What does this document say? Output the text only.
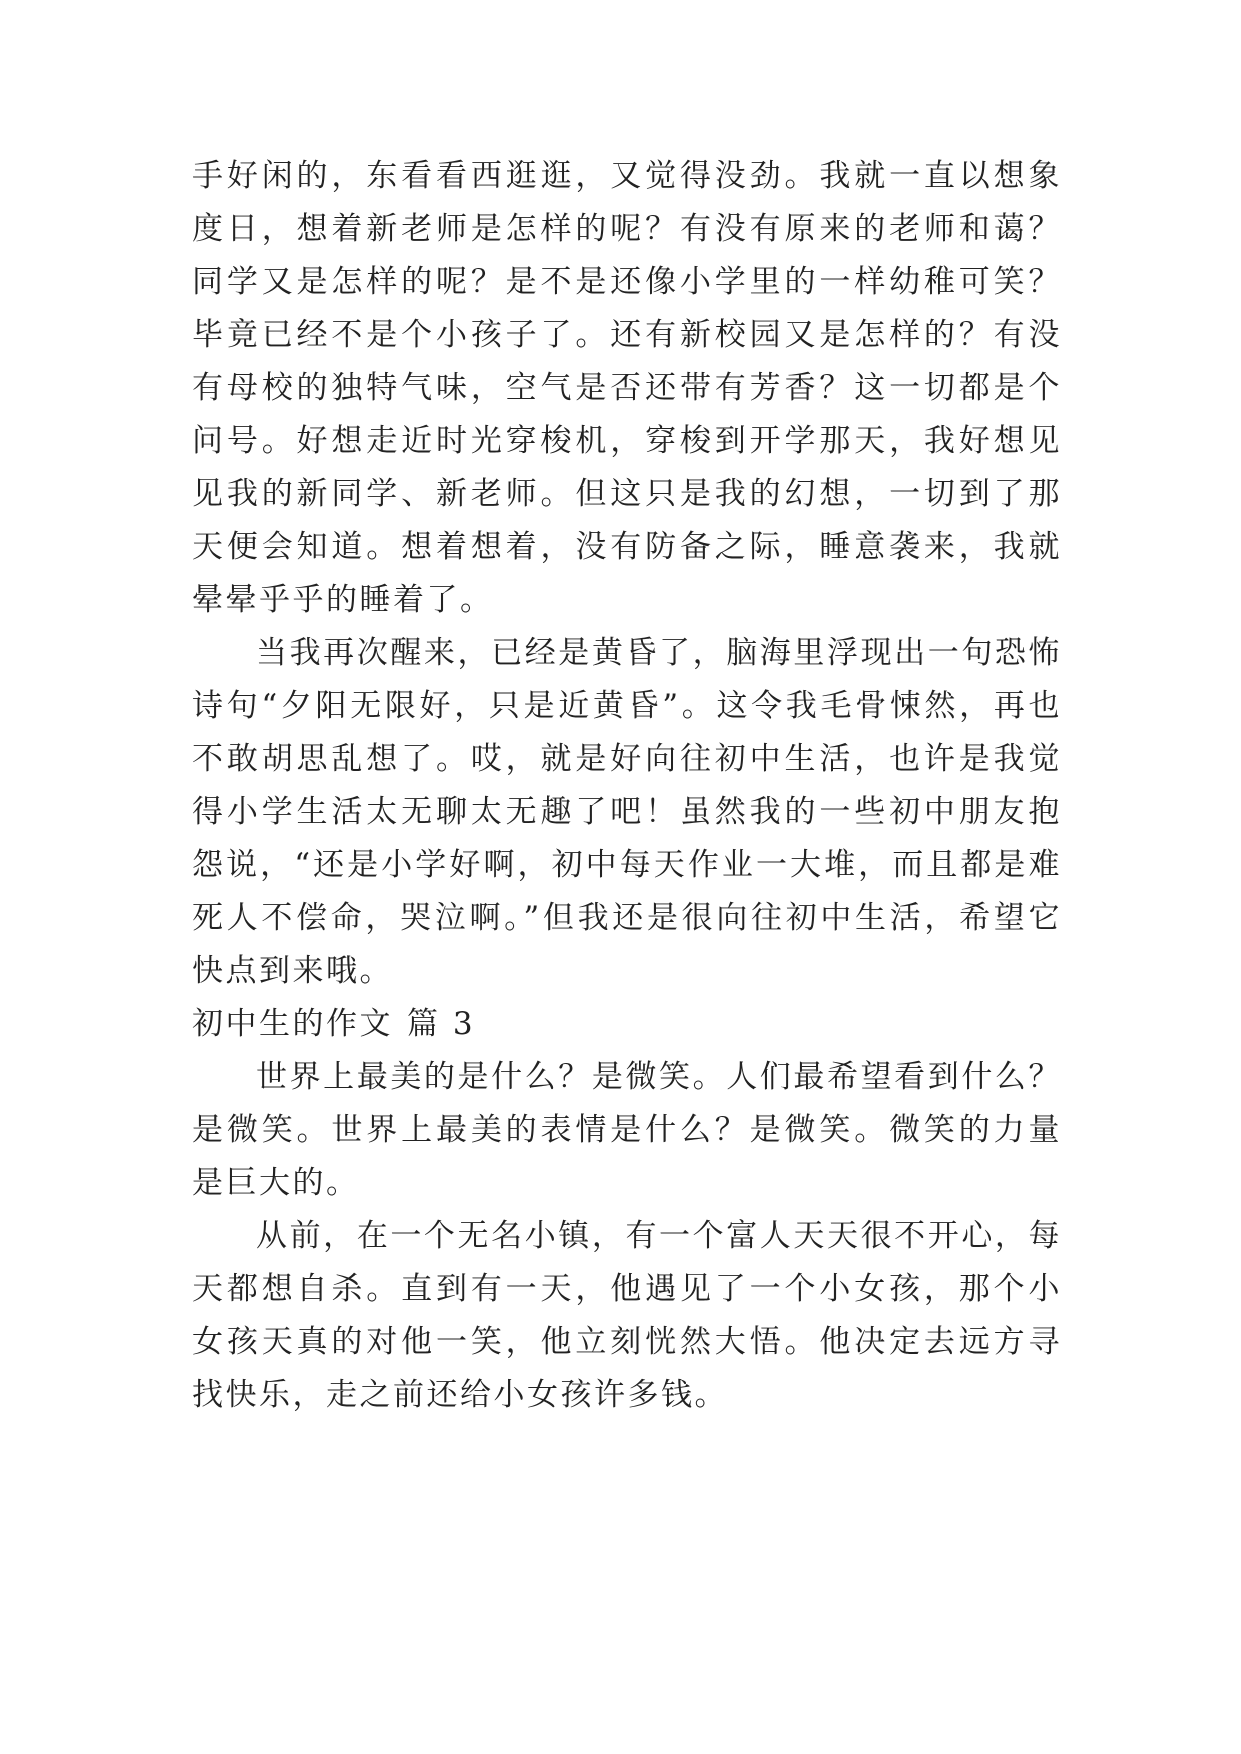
手好闲的，东看看西逛逛，又觉得没劲。我就一直以想象度日，想着新老师是怎样的呢？有没有原来的老师和蔼？同学又是怎样的呢？是不是还像小学里的一样幼稚可笑？毕竟已经不是个小孩子了。还有新校园又是怎样的？有没有母校的独特气味，空气是否还带有芳香？这一切都是个问号。好想走近时光穿梭机，穿梭到开学那天，我好想见见我的新同学、新老师。但这只是我的幻想，一切到了那天便会知道。想着想着，没有防备之际，睡意袭来，我就晕晕乎乎的睡着了。

当我再次醒来，已经是黄昏了，脑海里浮现出一句恐怖诗句“夕阳无限好，只是近黄昏”。这令我毛骨悚然，再也不敢胡思乱想了。哎，就是好向往初中生活，也许是我觉得小学生活太无聊太无趣了吧！虽然我的一些初中朋友抱怨说，“还是小学好啊，初中每天作业一大堆，而且都是难死人不偿命，哭泣啊。”但我还是很向往初中生活，希望它快点到来哦。

初中生的作文 篇 3

世界上最美的是什么？是微笑。人们最希望看到什么？是微笑。世界上最美的表情是什么？是微笑。微笑的力量是巨大的。

从前，在一个无名小镇，有一个富人天天很不开心，每天都想自杀。直到有一天，他遇见了一个小女孩，那个小女孩天真的对他一笑，他立刻恍然大悟。他决定去远方寻找快乐，走之前还给小女孩许多钱。
